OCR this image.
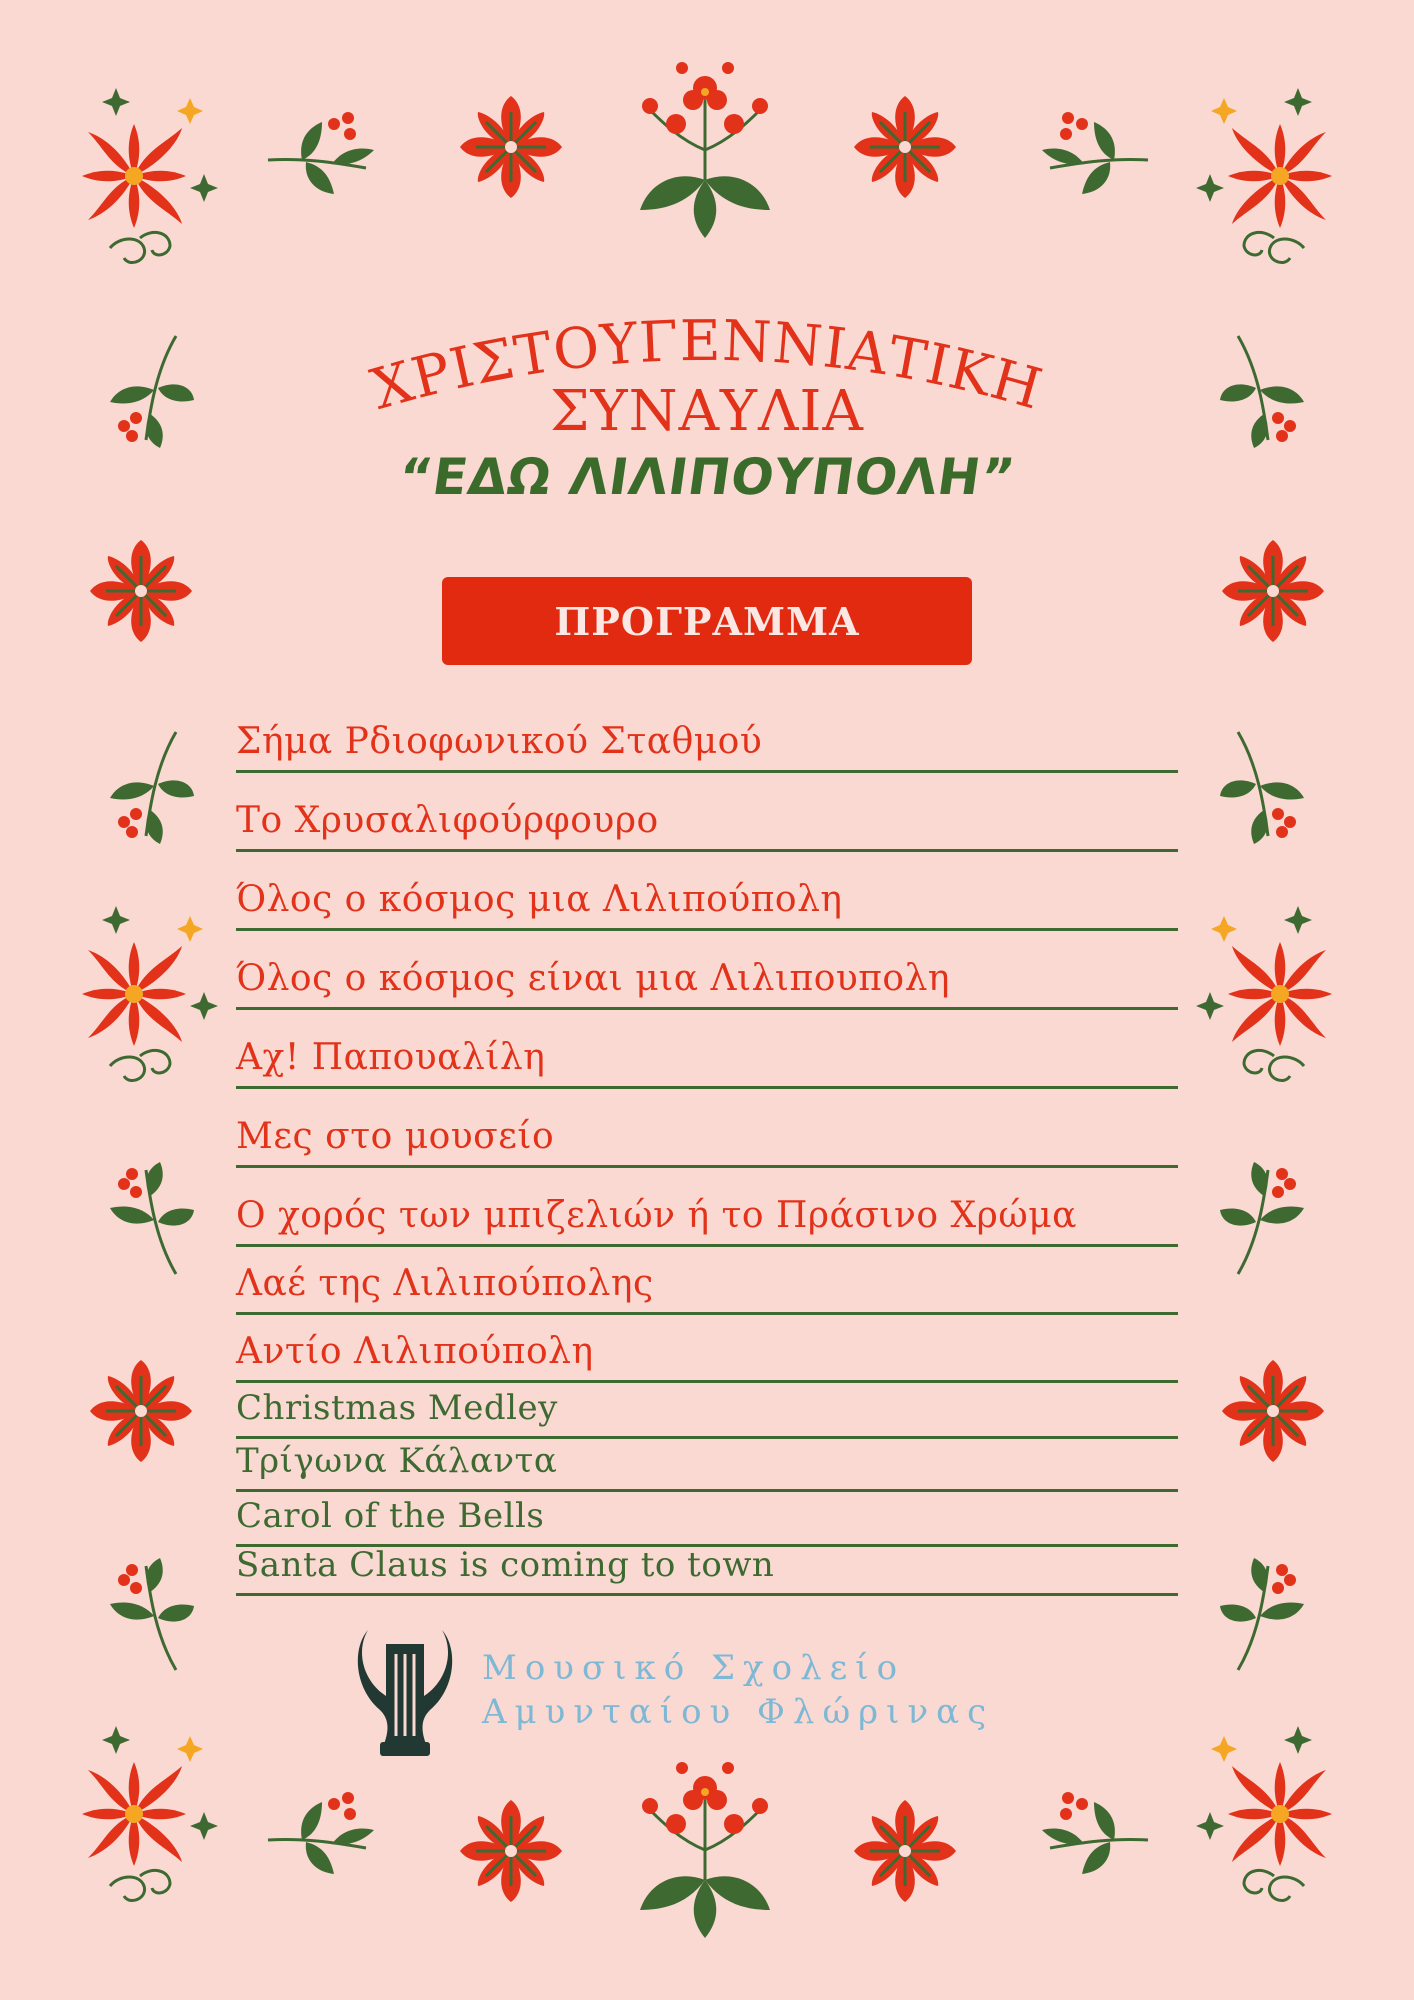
ΧΡΙΣΤΟΥΓΕΝΝΙΑΤΙΚΗ
ΣΥΝΑΥΛΙΑ
“ΕΔΩ ΛΙΛΙΠΟΥΠΟΛΗ”
ΠΡΟΓΡΑΜΜΑ
Σήμα Ρδιοφωνικού Σταθμού
Το Χρυσαλιφούρφουρο
Όλος ο κόσμος μια Λιλιπούπολη
Όλος ο κόσμος είναι μια Λιλιπουπολη
Αχ! Παπουαλίλη
Μες στο μουσείο
Ο χορός των μπιζελιών ή το Πράσινο Χρώμα
Λαέ της Λιλιπούπολης
Αντίο Λιλιπούπολη
Christmas Medley
Τρίγωνα Κάλαντα
Carol of the Bells
Santa Claus is coming to town
Μουσικό Σχολείο
Αμυνταίου Φλώρινας
